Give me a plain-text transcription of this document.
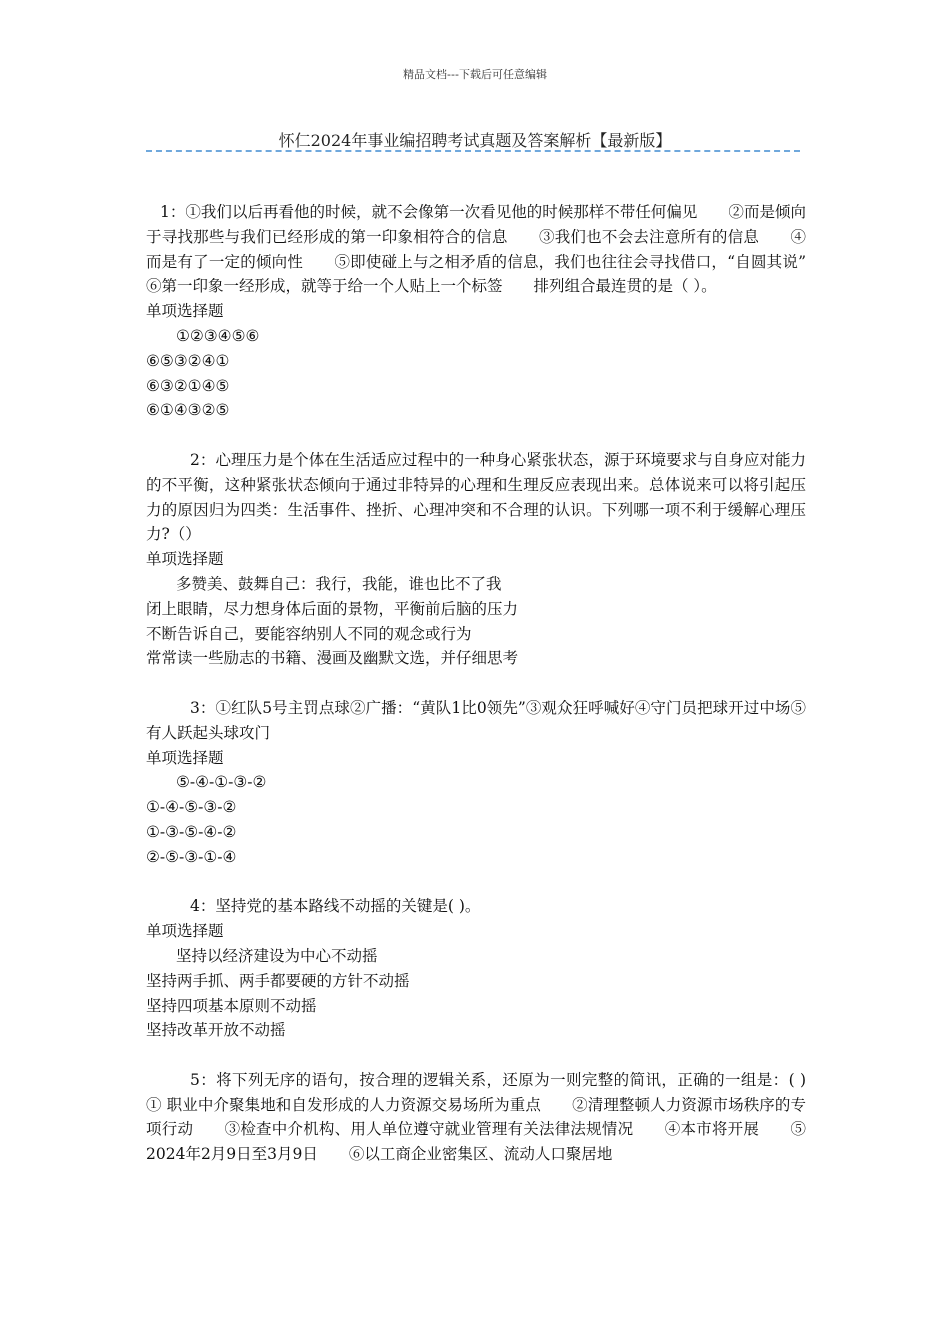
精品文档---下载后可任意编辑
怀仁2024年事业编招聘考试真题及答案解析【最新版】

1：①我们以后再看他的时候，就不会像第一次看见他的时候那样不带任何偏见　　②而是倾向于寻找那些与我们已经形成的第一印象相符合的信息　　③我们也不会去注意所有的信息　　④而是有了一定的倾向性　　⑤即使碰上与之相矛盾的信息，我们也往往会寻找借口，“自圆其说”　　⑥第一印象一经形成，就等于给一个人贴上一个标签　　排列组合最连贯的是（ ）。

单项选择题

①②③④⑤⑥

⑥⑤③②④①

⑥③②①④⑤

⑥①④③②⑤

2：心理压力是个体在生活适应过程中的一种身心紧张状态，源于环境要求与自身应对能力的不平衡，这种紧张状态倾向于通过非特异的心理和生理反应表现出来。总体说来可以将引起压力的原因归为四类：生活事件、挫折、心理冲突和不合理的认识。下列哪一项不利于缓解心理压力?（）

单项选择题

多赞美、鼓舞自己：我行，我能，谁也比不了我

闭上眼睛，尽力想身体后面的景物，平衡前后脑的压力

不断告诉自己，要能容纳别人不同的观念或行为

常常读一些励志的书籍、漫画及幽默文选，并仔细思考

3：①红队5号主罚点球②广播：“黄队1比0领先”③观众狂呼喊好④守门员把球开过中场⑤有人跃起头球攻门

单项选择题

⑤-④-①-③-②

①-④-⑤-③-②

①-③-⑤-④-②

②-⑤-③-①-④

4：坚持党的基本路线不动摇的关键是( )。

单项选择题

坚持以经济建设为中心不动摇

坚持两手抓、两手都要硬的方针不动摇

坚持四项基本原则不动摇

坚持改革开放不动摇

5：将下列无序的语句，按合理的逻辑关系，还原为一则完整的简讯，正确的一组是：( )　① 职业中介聚集地和自发形成的人力资源交易场所为重点　　②清理整顿人力资源市场秩序的专项行动　　③检查中介机构、用人单位遵守就业管理有关法律法规情况　　④本市将开展　　⑤ 2024年2月9日至3月9日　　⑥以工商企业密集区、流动人口聚居地
